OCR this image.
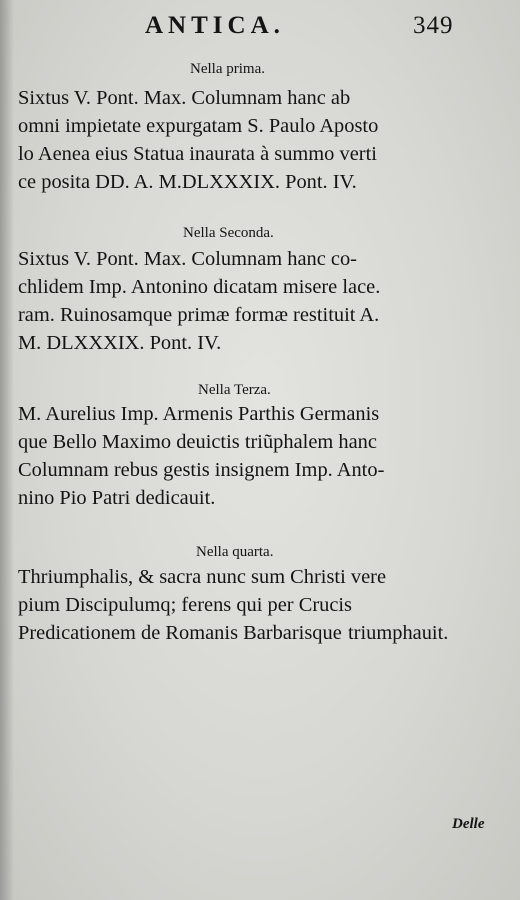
ANTICA.	349
Nella prima.
Sixtus V. Pont. Max. Columnam hanc ab omni impietate expurgatam S. Paulo Aposto lo Aenea eius Statua inaurata à summo verti ce posita DD. A. M.DLXXXIX. Pont. IV.
Nella Seconda.
Sixtus V. Pont. Max. Columnam hanc co- chlidem Imp. Antonino dicatam misere lace. ram. Ruinosamque primæ formæ restituit A. M. DLXXXIX. Pont. IV.
Nella Terza.
M. Aurelius Imp. Armenis Parthis Germanis que Bello Maximo deuictis triũphalem hanc Columnam rebus gestis insignem Imp. Anto- nino Pio Patri dedicauit.
Nella quarta.
Thriumphalis, & sacra nunc sum Christi vere pium Discipulumq; ferens qui per Crucis Predicationem de Romanis Barbarisque triumphauit.
Delle
